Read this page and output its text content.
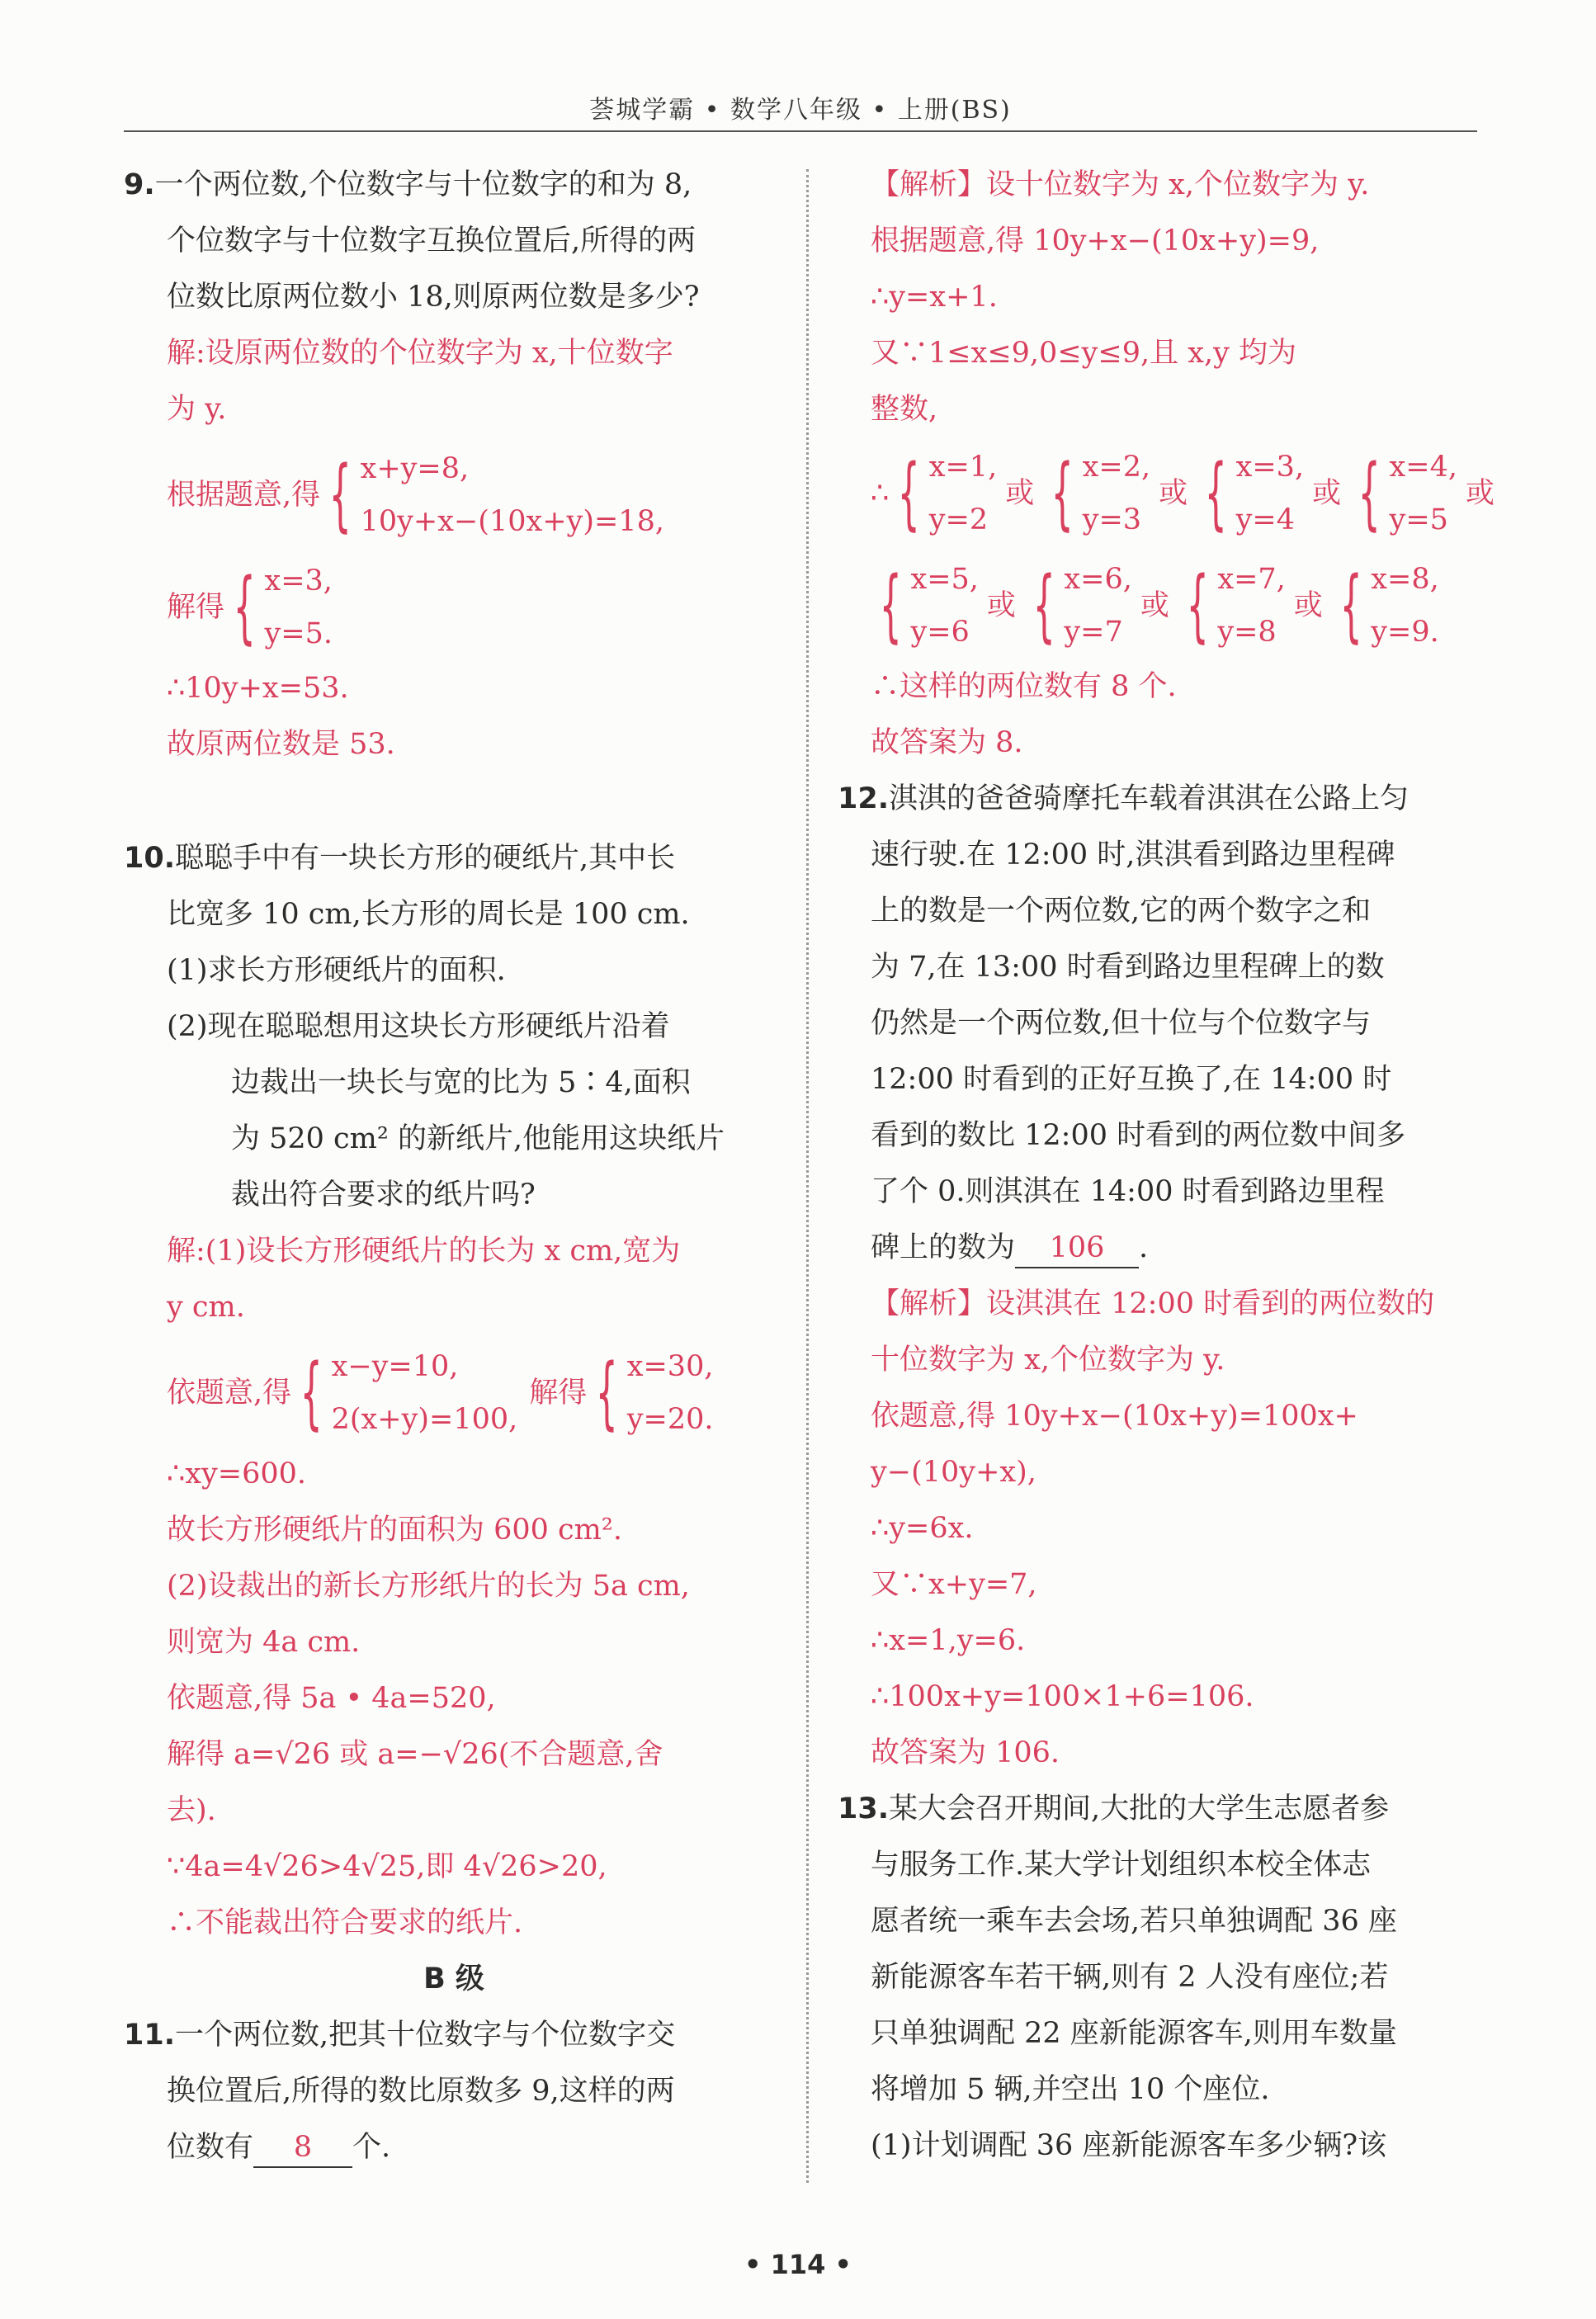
荟城学霸 • 数学八年级 • 上册(BS)
9.一个两位数,个位数字与十位数字的和为 8,
个位数字与十位数字互换位置后,所得的两
位数比原两位数小 18,则原两位数是多少?
解:设原两位数的个位数字为 x,十位数字
为 y.
根据题意,得 { x+y=8,
10y+x−(10x+y)=18,
解得 { x=3,
y=5.
∴10y+x=53.
故原两位数是 53.
10.聪聪手中有一块长方形的硬纸片,其中长
比宽多 10 cm,长方形的周长是 100 cm.
(1)求长方形硬纸片的面积.
(2)现在聪聪想用这块长方形硬纸片沿着
边裁出一块长与宽的比为 5∶4,面积
为 520 cm² 的新纸片,他能用这块纸片
裁出符合要求的纸片吗?
解:(1)设长方形硬纸片的长为 x cm,宽为
y cm.
依题意,得 { x−y=10,
2(x+y)=100,
解得 { x=30,
y=20.
∴xy=600.
故长方形硬纸片的面积为 600 cm².
(2)设裁出的新长方形纸片的长为 5a cm,
则宽为 4a cm.
依题意,得 5a • 4a=520,
解得 a=√26 或 a=−√26(不合题意,舍
去).
∵4a=4√26>4√25,即 4√26>20,
∴不能裁出符合要求的纸片.
B 级
11.一个两位数,把其十位数字与个位数字交
换位置后,所得的数比原数多 9,这样的两
位数有 8 个.
【解析】设十位数字为 x,个位数字为 y.
根据题意,得 10y+x−(10x+y)=9,
∴y=x+1.
又∵1≤x≤9,0≤y≤9,且 x,y 均为
整数,
∴ { x=1,
y=2
或 { x=2,
y=3
或 { x=3,
y=4
或 { x=4,
y=5
或
{ x=5,
y=6
或 { x=6,
y=7
或 { x=7,
y=8
或 { x=8,
y=9.
∴这样的两位数有 8 个.
故答案为 8.
12.淇淇的爸爸骑摩托车载着淇淇在公路上匀
速行驶.在 12:00 时,淇淇看到路边里程碑
上的数是一个两位数,它的两个数字之和
为 7,在 13:00 时看到路边里程碑上的数
仍然是一个两位数,但十位与个位数字与
12:00 时看到的正好互换了,在 14:00 时
看到的数比 12:00 时看到的两位数中间多
了个 0.则淇淇在 14:00 时看到路边里程
碑上的数为 106 .
【解析】设淇淇在 12:00 时看到的两位数的
十位数字为 x,个位数字为 y.
依题意,得 10y+x−(10x+y)=100x+
y−(10y+x),
∴y=6x.
又∵x+y=7,
∴x=1,y=6.
∴100x+y=100×1+6=106.
故答案为 106.
13.某大会召开期间,大批的大学生志愿者参
与服务工作.某大学计划组织本校全体志
愿者统一乘车去会场,若只单独调配 36 座
新能源客车若干辆,则有 2 人没有座位;若
只单独调配 22 座新能源客车,则用车数量
将增加 5 辆,并空出 10 个座位.
(1)计划调配 36 座新能源客车多少辆?该
• 114 •
